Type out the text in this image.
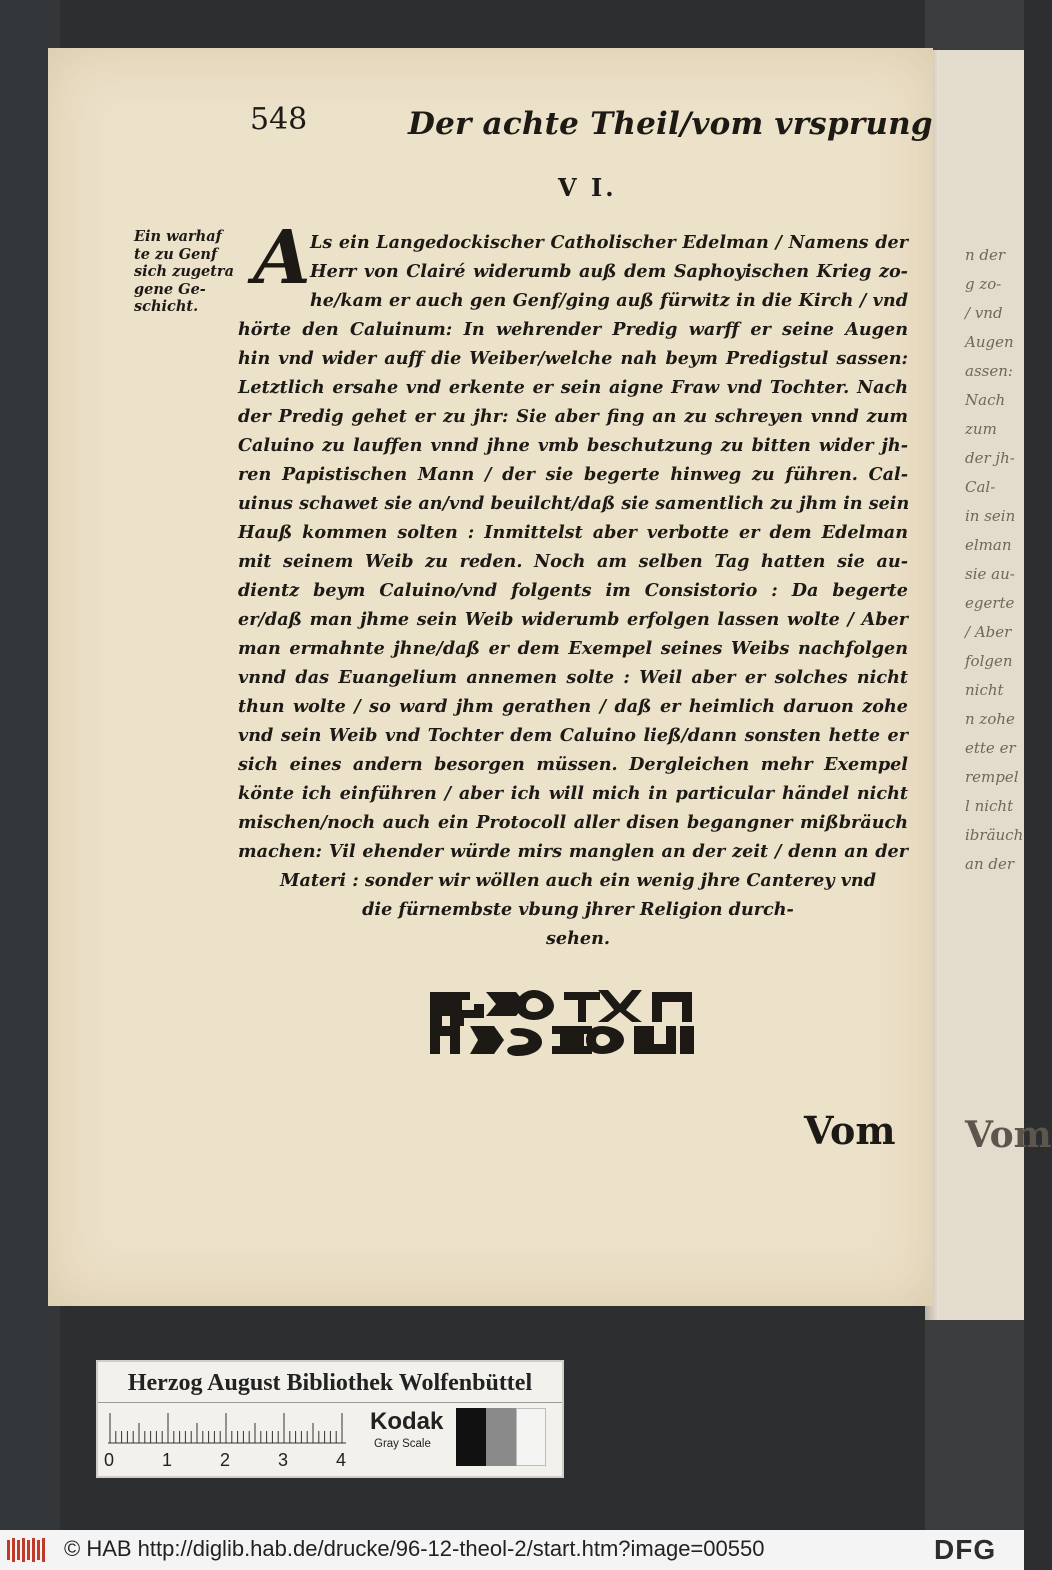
n der
g zo-
/ vnd
Augen
assen:
Nach
zum
der jh-
Cal-
in sein
elman
sie au-
egerte
/ Aber
folgen
nicht
n zohe
ette er
rempel
l nicht
ibräuch
an der
Vom
548	Der achte Theil/vom vrsprung
V I.
Ein warhaf
te zu Genf
sich zugetra
gene Ge-
schicht.
A Ls ein Langedockischer Catholischer Edelman / Namens der
Herr von Clairé widerumb auß dem Saphoyischen Krieg zo-
he/kam er auch gen Genf/ging auß fürwitz in die Kirch / vnd
hörte den Caluinum: In wehrender Predig warff er seine Augen
hin vnd wider auff die Weiber/welche nah beym Predigstul sassen:
Letztlich ersahe vnd erkente er sein aigne Fraw vnd Tochter. Nach
der Predig gehet er zu jhr: Sie aber fing an zu schreyen vnnd zum
Caluino zu lauffen vnnd jhne vmb beschutzung zu bitten wider jh-
ren Papistischen Mann / der sie begerte hinweg zu führen. Cal-
uinus schawet sie an/vnd beuilcht/daß sie samentlich zu jhm in sein
Hauß kommen solten : Inmittelst aber verbotte er dem Edelman
mit seinem Weib zu reden. Noch am selben Tag hatten sie au-
dientz beym Caluino/vnd folgents im Consistorio : Da begerte
er/daß man jhme sein Weib widerumb erfolgen lassen wolte / Aber
man ermahnte jhne/daß er dem Exempel seines Weibs nachfolgen
vnnd das Euangelium annemen solte : Weil aber er solches nicht
thun wolte / so ward jhm gerathen / daß er heimlich daruon zohe
vnd sein Weib vnd Tochter dem Caluino ließ/dann sonsten hette er
sich eines andern besorgen müssen. Dergleichen mehr Exempel
könte ich einführen / aber ich will mich in particular händel nicht
mischen/noch auch ein Protocoll aller disen begangner mißbräuch
machen: Vil ehender würde mirs manglen an der zeit / denn an der
Materi : sonder wir wöllen auch ein wenig jhre Canterey vnd
die fürnembste vbung jhrer Religion durch-
sehen.
Vom
Herzog August Bibliothek Wolfenbüttel
0	1	2	3	4
Kodak
Gray Scale
© HAB http://diglib.hab.de/drucke/96-12-theol-2/start.htm?image=00550	DFG
